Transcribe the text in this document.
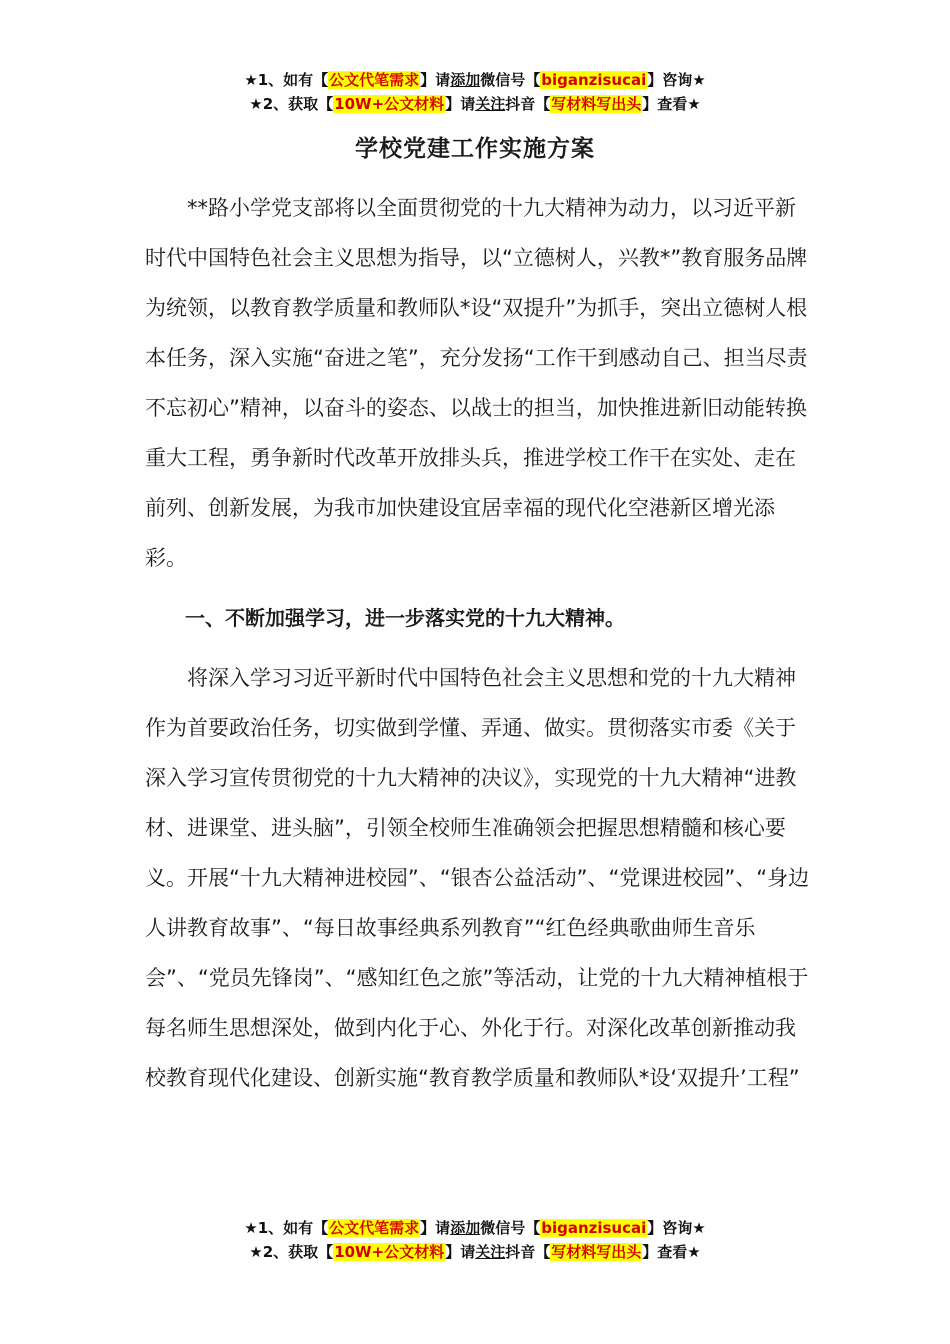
★1、如有【公文代笔需求】请添加微信号【biganzisucai】咨询★
★2、获取【10W+公文材料】请关注抖音【写材料写出头】查看★
学校党建工作实施方案

**路小学党支部将以全面贯彻党的十九大精神为动力，以习近平新时代中国特色社会主义思想为指导，以“立德树人，兴教*”教育服务品牌为统领，以教育教学质量和教师队*设“双提升”为抓手，突出立德树人根本任务，深入实施“奋进之笔”，充分发扬“工作干到感动自己、担当尽责不忘初心”精神，以奋斗的姿态、以战士的担当，加快推进新旧动能转换重大工程，勇争新时代改革开放排头兵，推进学校工作干在实处、走在前列、创新发展，为我市加快建设宜居幸福的现代化空港新区增光添彩。

一、不断加强学习，进一步落实党的十九大精神。

将深入学习习近平新时代中国特色社会主义思想和党的十九大精神作为首要政治任务，切实做到学懂、弄通、做实。贯彻落实市委《关于深入学习宣传贯彻党的十九大精神的决议》，实现党的十九大精神“进教材、进课堂、进头脑”，引领全校师生准确领会把握思想精髓和核心要义。开展“十九大精神进校园”、“银杏公益活动”、“党课进校园”、“身边人讲教育故事”、“每日故事经典系列教育”“红色经典歌曲师生音乐会”、“党员先锋岗”、“感知红色之旅”等活动，让党的十九大精神植根于每名师生思想深处，做到内化于心、外化于行。对深化改革创新推动我校教育现代化建设、创新实施“教育教学质量和教师队*设‘双提升’工程”

★1、如有【公文代笔需求】请添加微信号【biganzisucai】咨询★
★2、获取【10W+公文材料】请关注抖音【写材料写出头】查看★
